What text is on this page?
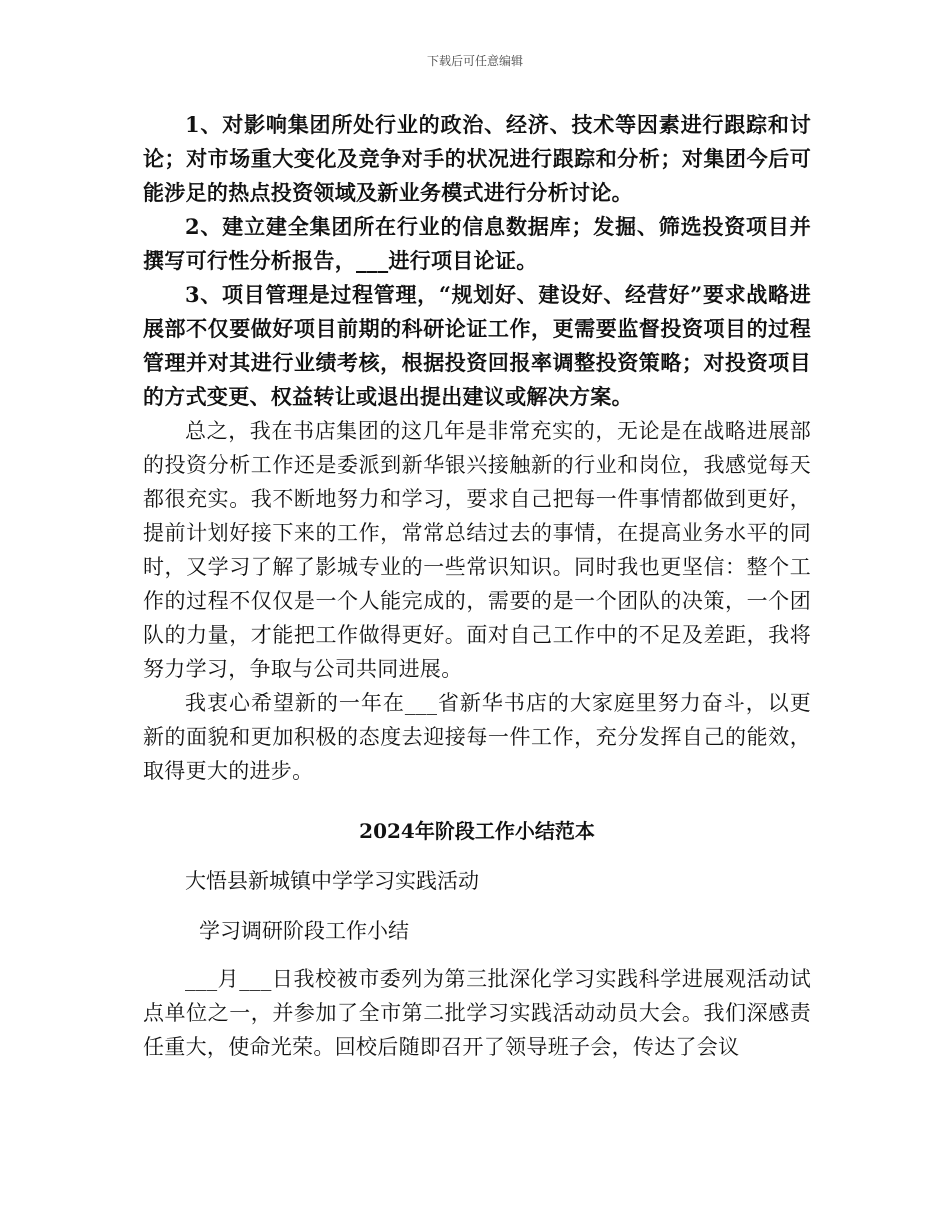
下载后可任意编辑

1、对影响集团所处行业的政治、经济、技术等因素进行跟踪和讨论；对市场重大变化及竞争对手的状况进行跟踪和分析；对集团今后可能涉足的热点投资领域及新业务模式进行分析讨论。

2、建立建全集团所在行业的信息数据库；发掘、筛选投资项目并撰写可行性分析报告，___进行项目论证。

3、项目管理是过程管理，“规划好、建设好、经营好”要求战略进展部不仅要做好项目前期的科研论证工作，更需要监督投资项目的过程管理并对其进行业绩考核，根据投资回报率调整投资策略；对投资项目的方式变更、权益转让或退出提出建议或解决方案。

总之，我在书店集团的这几年是非常充实的，无论是在战略进展部的投资分析工作还是委派到新华银兴接触新的行业和岗位，我感觉每天都很充实。我不断地努力和学习，要求自己把每一件事情都做到更好，提前计划好接下来的工作，常常总结过去的事情，在提高业务水平的同时，又学习了解了影城专业的一些常识知识。同时我也更坚信：整个工作的过程不仅仅是一个人能完成的，需要的是一个团队的决策，一个团队的力量，才能把工作做得更好。面对自己工作中的不足及差距，我将努力学习，争取与公司共同进展。

我衷心希望新的一年在___省新华书店的大家庭里努力奋斗，以更新的面貌和更加积极的态度去迎接每一件工作，充分发挥自己的能效，取得更大的进步。

2024年阶段工作小结范本
大悟县新城镇中学学习实践活动
学习调研阶段工作小结

___月___日我校被市委列为第三批深化学习实践科学进展观活动试点单位之一，并参加了全市第二批学习实践活动动员大会。我们深感责任重大，使命光荣。回校后随即召开了领导班子会，传达了会议
